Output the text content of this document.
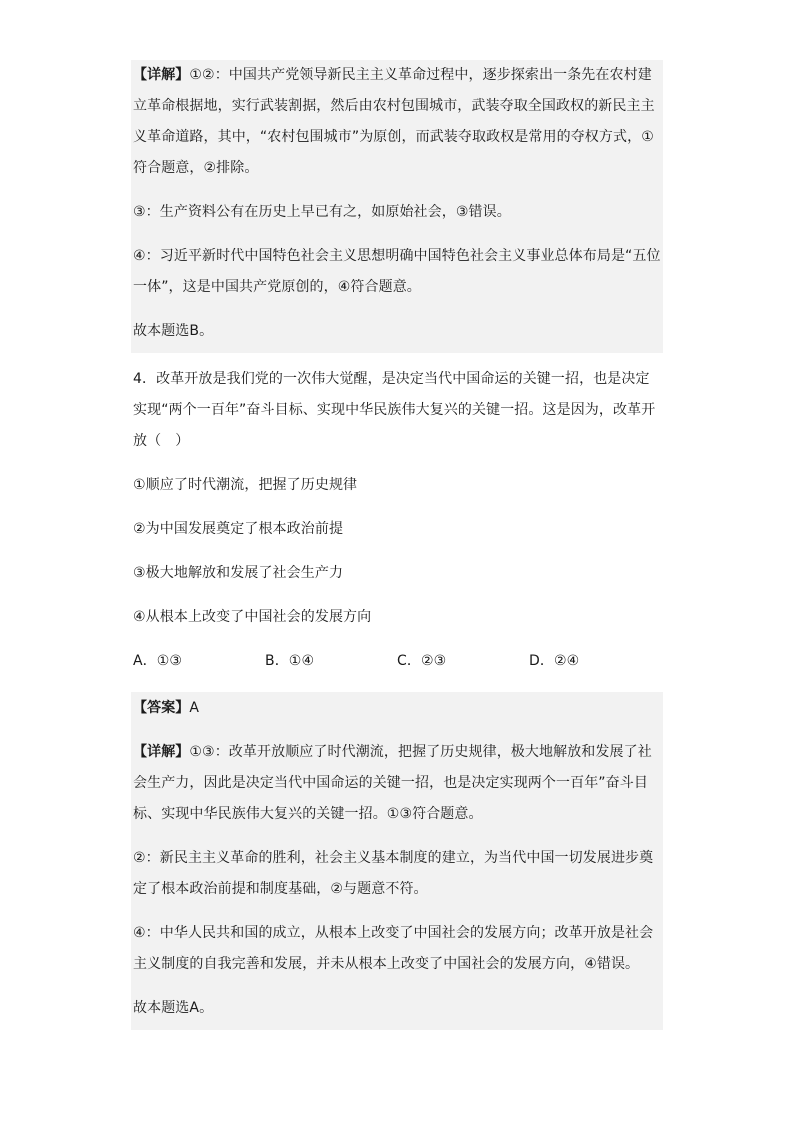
【详解】①②：中国共产党领导新民主主义革命过程中，逐步探索出一条先在农村建立革命根据地，实行武装割据，然后由农村包围城市，武装夺取全国政权的新民主主义革命道路，其中，“农村包围城市”为原创，而武装夺取政权是常用的夺权方式，①符合题意，②排除。

③：生产资料公有在历史上早已有之，如原始社会，③错误。

④：习近平新时代中国特色社会主义思想明确中国特色社会主义事业总体布局是“五位一体”，这是中国共产党原创的，④符合题意。

故本题选B。

4．改革开放是我们党的一次伟大觉醒，是决定当代中国命运的关键一招，也是决定实现“两个一百年”奋斗目标、实现中华民族伟大复兴的关键一招。这是因为，改革开放（　）

①顺应了时代潮流，把握了历史规律

②为中国发展奠定了根本政治前提

③极大地解放和发展了社会生产力

④从根本上改变了中国社会的发展方向

A．①③	B．①④	C．②③	D．②④

【答案】A

【详解】①③：改革开放顺应了时代潮流，把握了历史规律，极大地解放和发展了社会生产力，因此是决定当代中国命运的关键一招，也是决定实现两个一百年”奋斗目标、实现中华民族伟大复兴的关键一招。①③符合题意。

②：新民主主义革命的胜利，社会主义基本制度的建立，为当代中国一切发展进步奠定了根本政治前提和制度基础，②与题意不符。

④：中华人民共和国的成立，从根本上改变了中国社会的发展方向；改革开放是社会主义制度的自我完善和发展，并未从根本上改变了中国社会的发展方向，④错误。

故本题选A。
